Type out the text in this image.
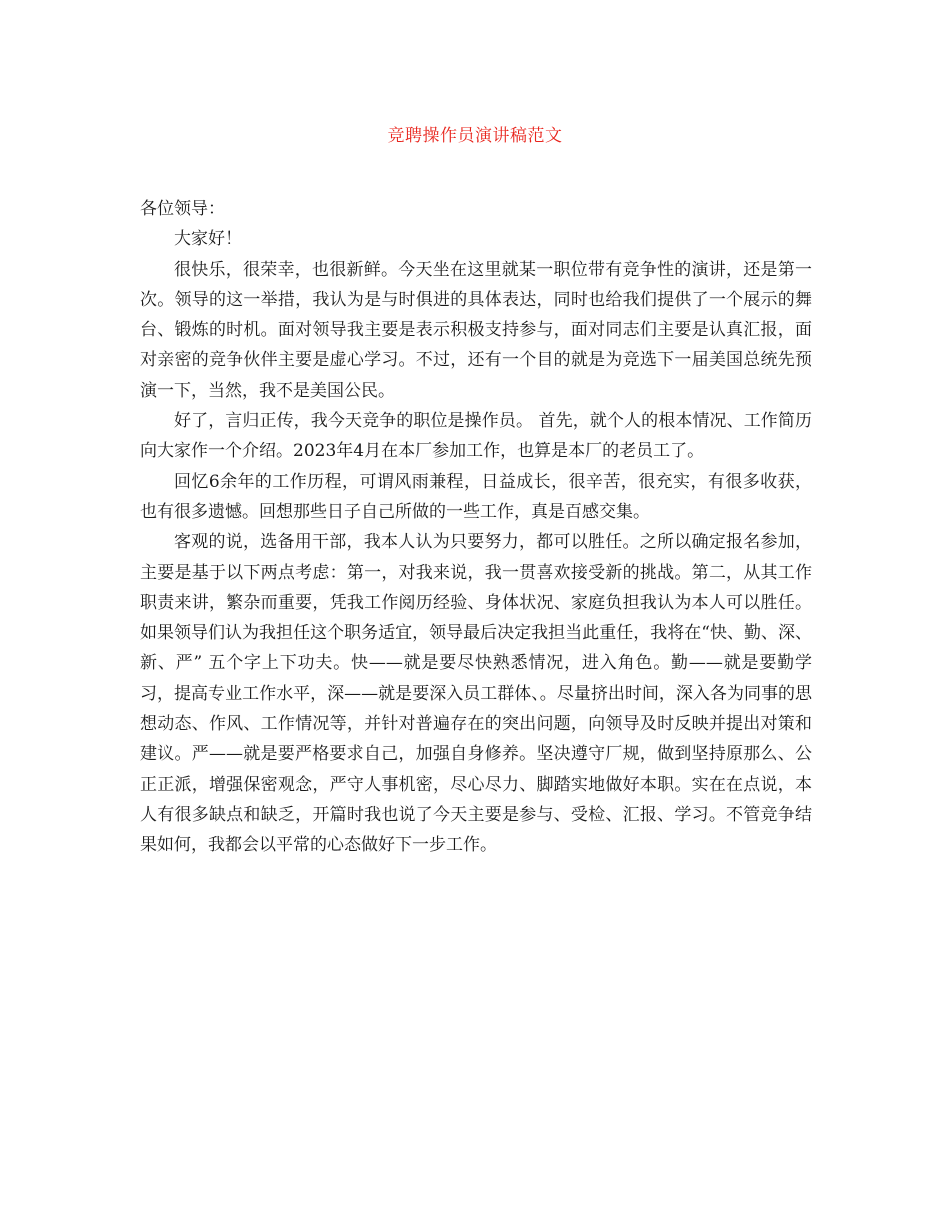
竞聘操作员演讲稿范文

各位领导：

大家好！

很快乐，很荣幸，也很新鲜。今天坐在这里就某一职位带有竞争性的演讲，还是第一次。领导的这一举措，我认为是与时俱进的具体表达，同时也给我们提供了一个展示的舞台、锻炼的时机。面对领导我主要是表示积极支持参与，面对同志们主要是认真汇报，面对亲密的竞争伙伴主要是虚心学习。不过，还有一个目的就是为竞选下一届美国总统先预演一下，当然，我不是美国公民。

好了，言归正传，我今天竞争的职位是操作员。 首先，就个人的根本情况、工作简历向大家作一个介绍。2023年4月在本厂参加工作，也算是本厂的老员工了。

回忆6余年的工作历程，可谓风雨兼程，日益成长，很辛苦，很充实，有很多收获，也有很多遗憾。回想那些日子自己所做的一些工作，真是百感交集。

客观的说，选备用干部，我本人认为只要努力，都可以胜任。之所以确定报名参加，主要是基于以下两点考虑：第一，对我来说，我一贯喜欢接受新的挑战。第二，从其工作职责来讲，繁杂而重要，凭我工作阅历经验、身体状况、家庭负担我认为本人可以胜任。如果领导们认为我担任这个职务适宜，领导最后决定我担当此重任，我将在“快、勤、深、新、严” 五个字上下功夫。快——就是要尽快熟悉情况，进入角色。勤——就是要勤学习，提高专业工作水平，深——就是要深入员工群体、。尽量挤出时间，深入各为同事的思想动态、作风、工作情况等，并针对普遍存在的突出问题，向领导及时反映并提出对策和建议。严——就是要严格要求自己，加强自身修养。坚决遵守厂规，做到坚持原那么、公正正派，增强保密观念，严守人事机密，尽心尽力、脚踏实地做好本职。实在在点说，本人有很多缺点和缺乏，开篇时我也说了今天主要是参与、受检、汇报、学习。不管竞争结果如何，我都会以平常的心态做好下一步工作。
